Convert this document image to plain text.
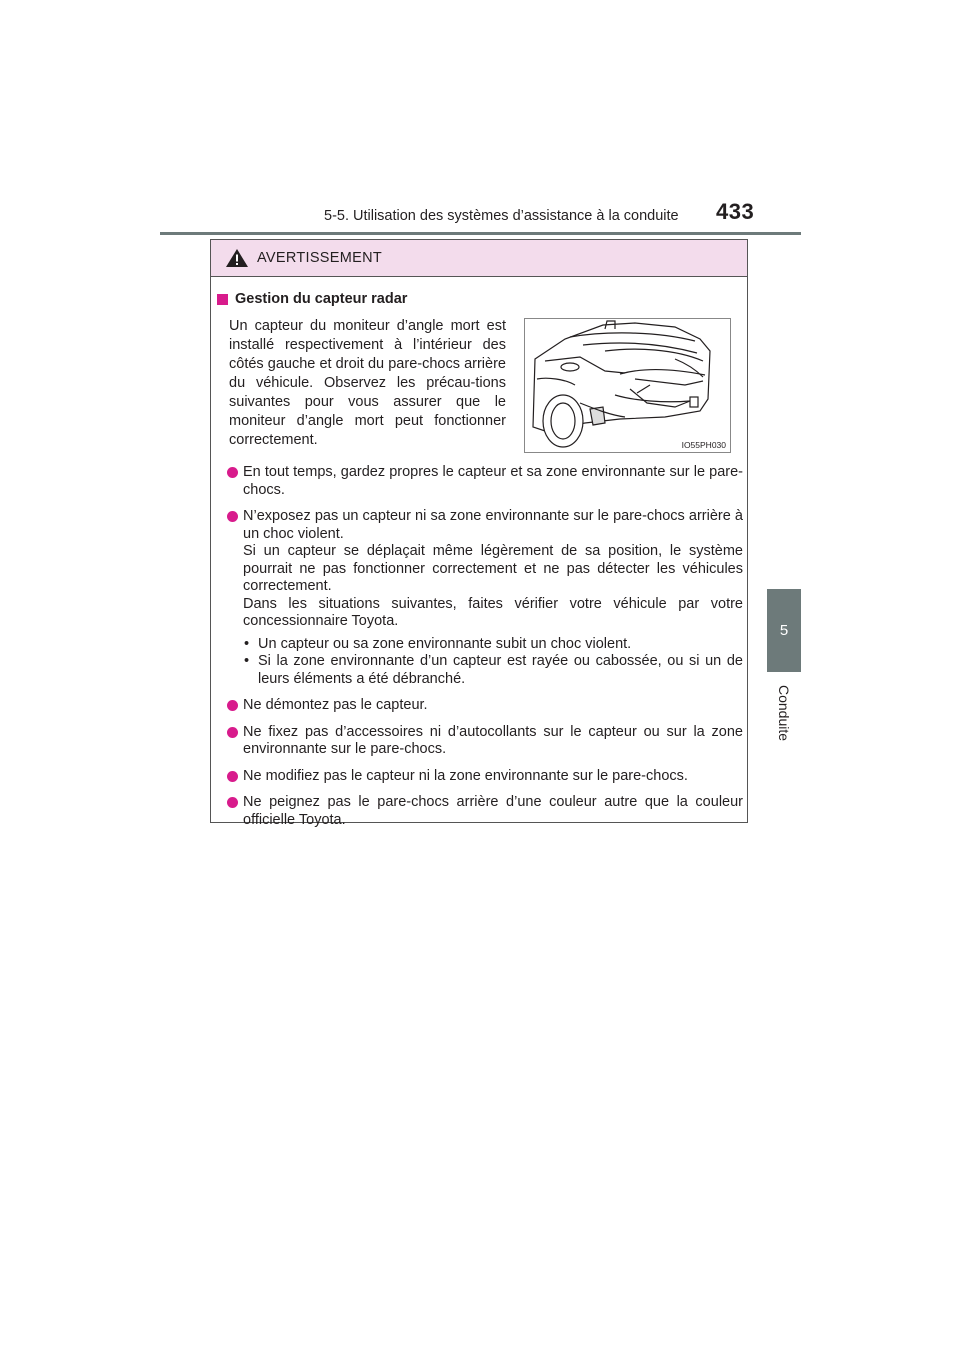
5-5. Utilisation des systèmes d’assistance à la conduite 433
5
Conduite
AVERTISSEMENT
Gestion du capteur radar
Un capteur du moniteur d’angle mort est installé respectivement à l’intérieur des côtés gauche et droit du pare-chocs arrière du véhicule. Observez les précau-tions suivantes pour vous assurer que le moniteur d’angle mort peut fonctionner correctement.	IO55PH030
En tout temps, gardez propres le capteur et sa zone environnante sur le pare-chocs.

N’exposez pas un capteur ni sa zone environnante sur le pare-chocs arrière à un choc violent.

Si un capteur se déplaçait même légèrement de sa position, le système pourrait ne pas fonctionner correctement et ne pas détecter les véhicules correctement.

Dans les situations suivantes, faites vérifier votre véhicule par votre concessionnaire Toyota.

• Un capteur ou sa zone environnante subit un choc violent.
• Si la zone environnante d’un capteur est rayée ou cabossée, ou si un de leurs éléments a été débranché.
Ne démontez pas le capteur.
Ne fixez pas d’accessoires ni d’autocollants sur le capteur ou sur la zone environnante sur le pare-chocs.
Ne modifiez pas le capteur ni la zone environnante sur le pare-chocs.
Ne peignez pas le pare-chocs arrière d’une couleur autre que la couleur officielle Toyota.
